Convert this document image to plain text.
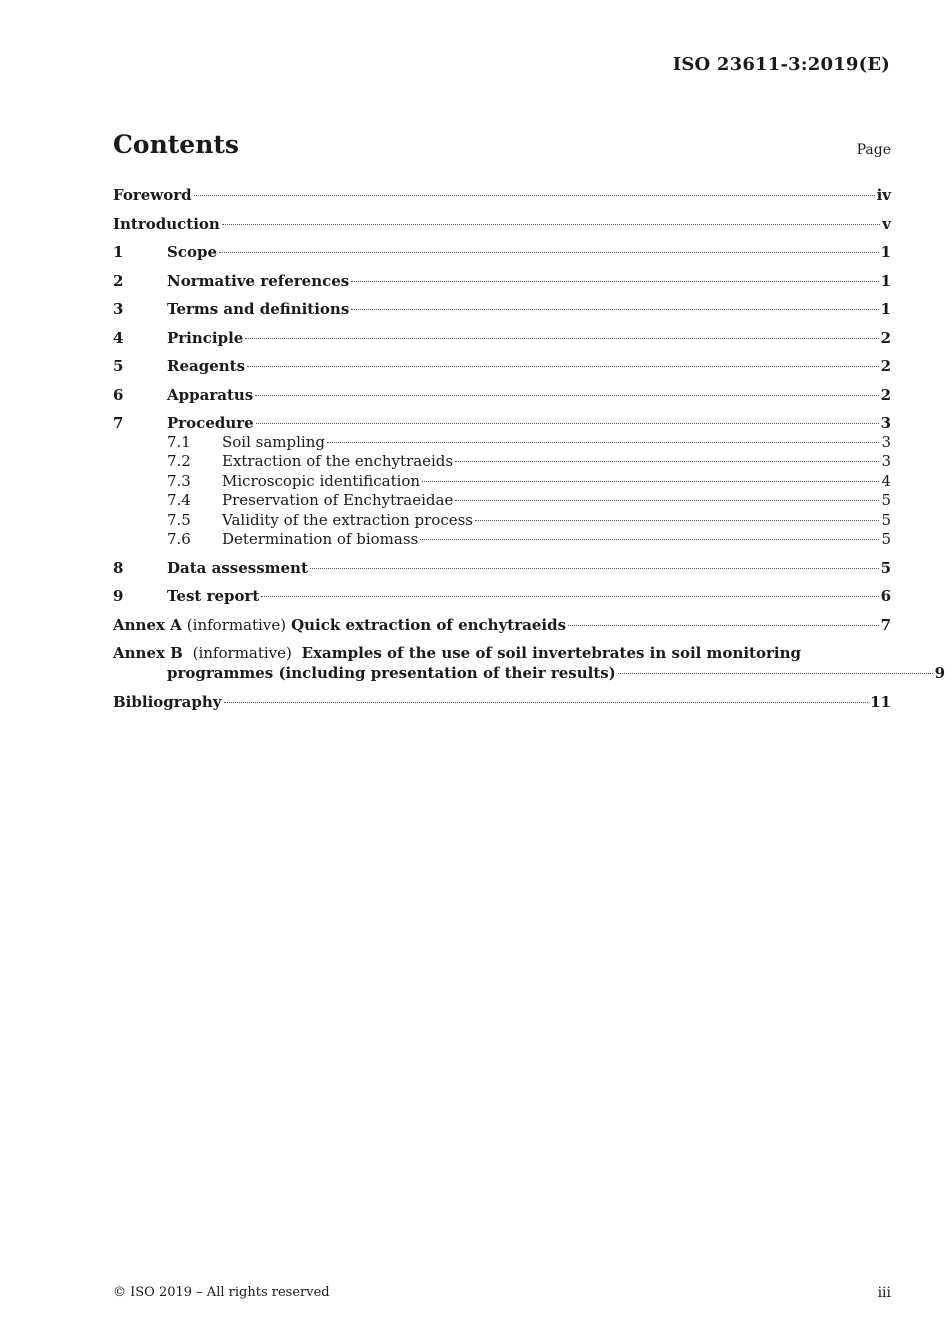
ISO 23611-3:2019(E)
Contents	Page
Foreword	iv
Introduction	v
1	Scope	1
2	Normative references	1
3	Terms and definitions	1
4	Principle	2
5	Reagents	2
6	Apparatus	2
7	Procedure	3
7.1	Soil sampling	3
7.2	Extraction of the enchytraeids	3
7.3	Microscopic identification	4
7.4	Preservation of Enchytraeidae	5
7.5	Validity of the extraction process	5
7.6	Determination of biomass	5
8	Data assessment	5
9	Test report	6
Annex A (informative) Quick extraction of enchytraeids	7
Annex B (informative) Examples of the use of soil invertebrates in soil monitoring
programmes (including presentation of their results)	9
Bibliography	11
© ISO 2019 – All rights reserved	iii
